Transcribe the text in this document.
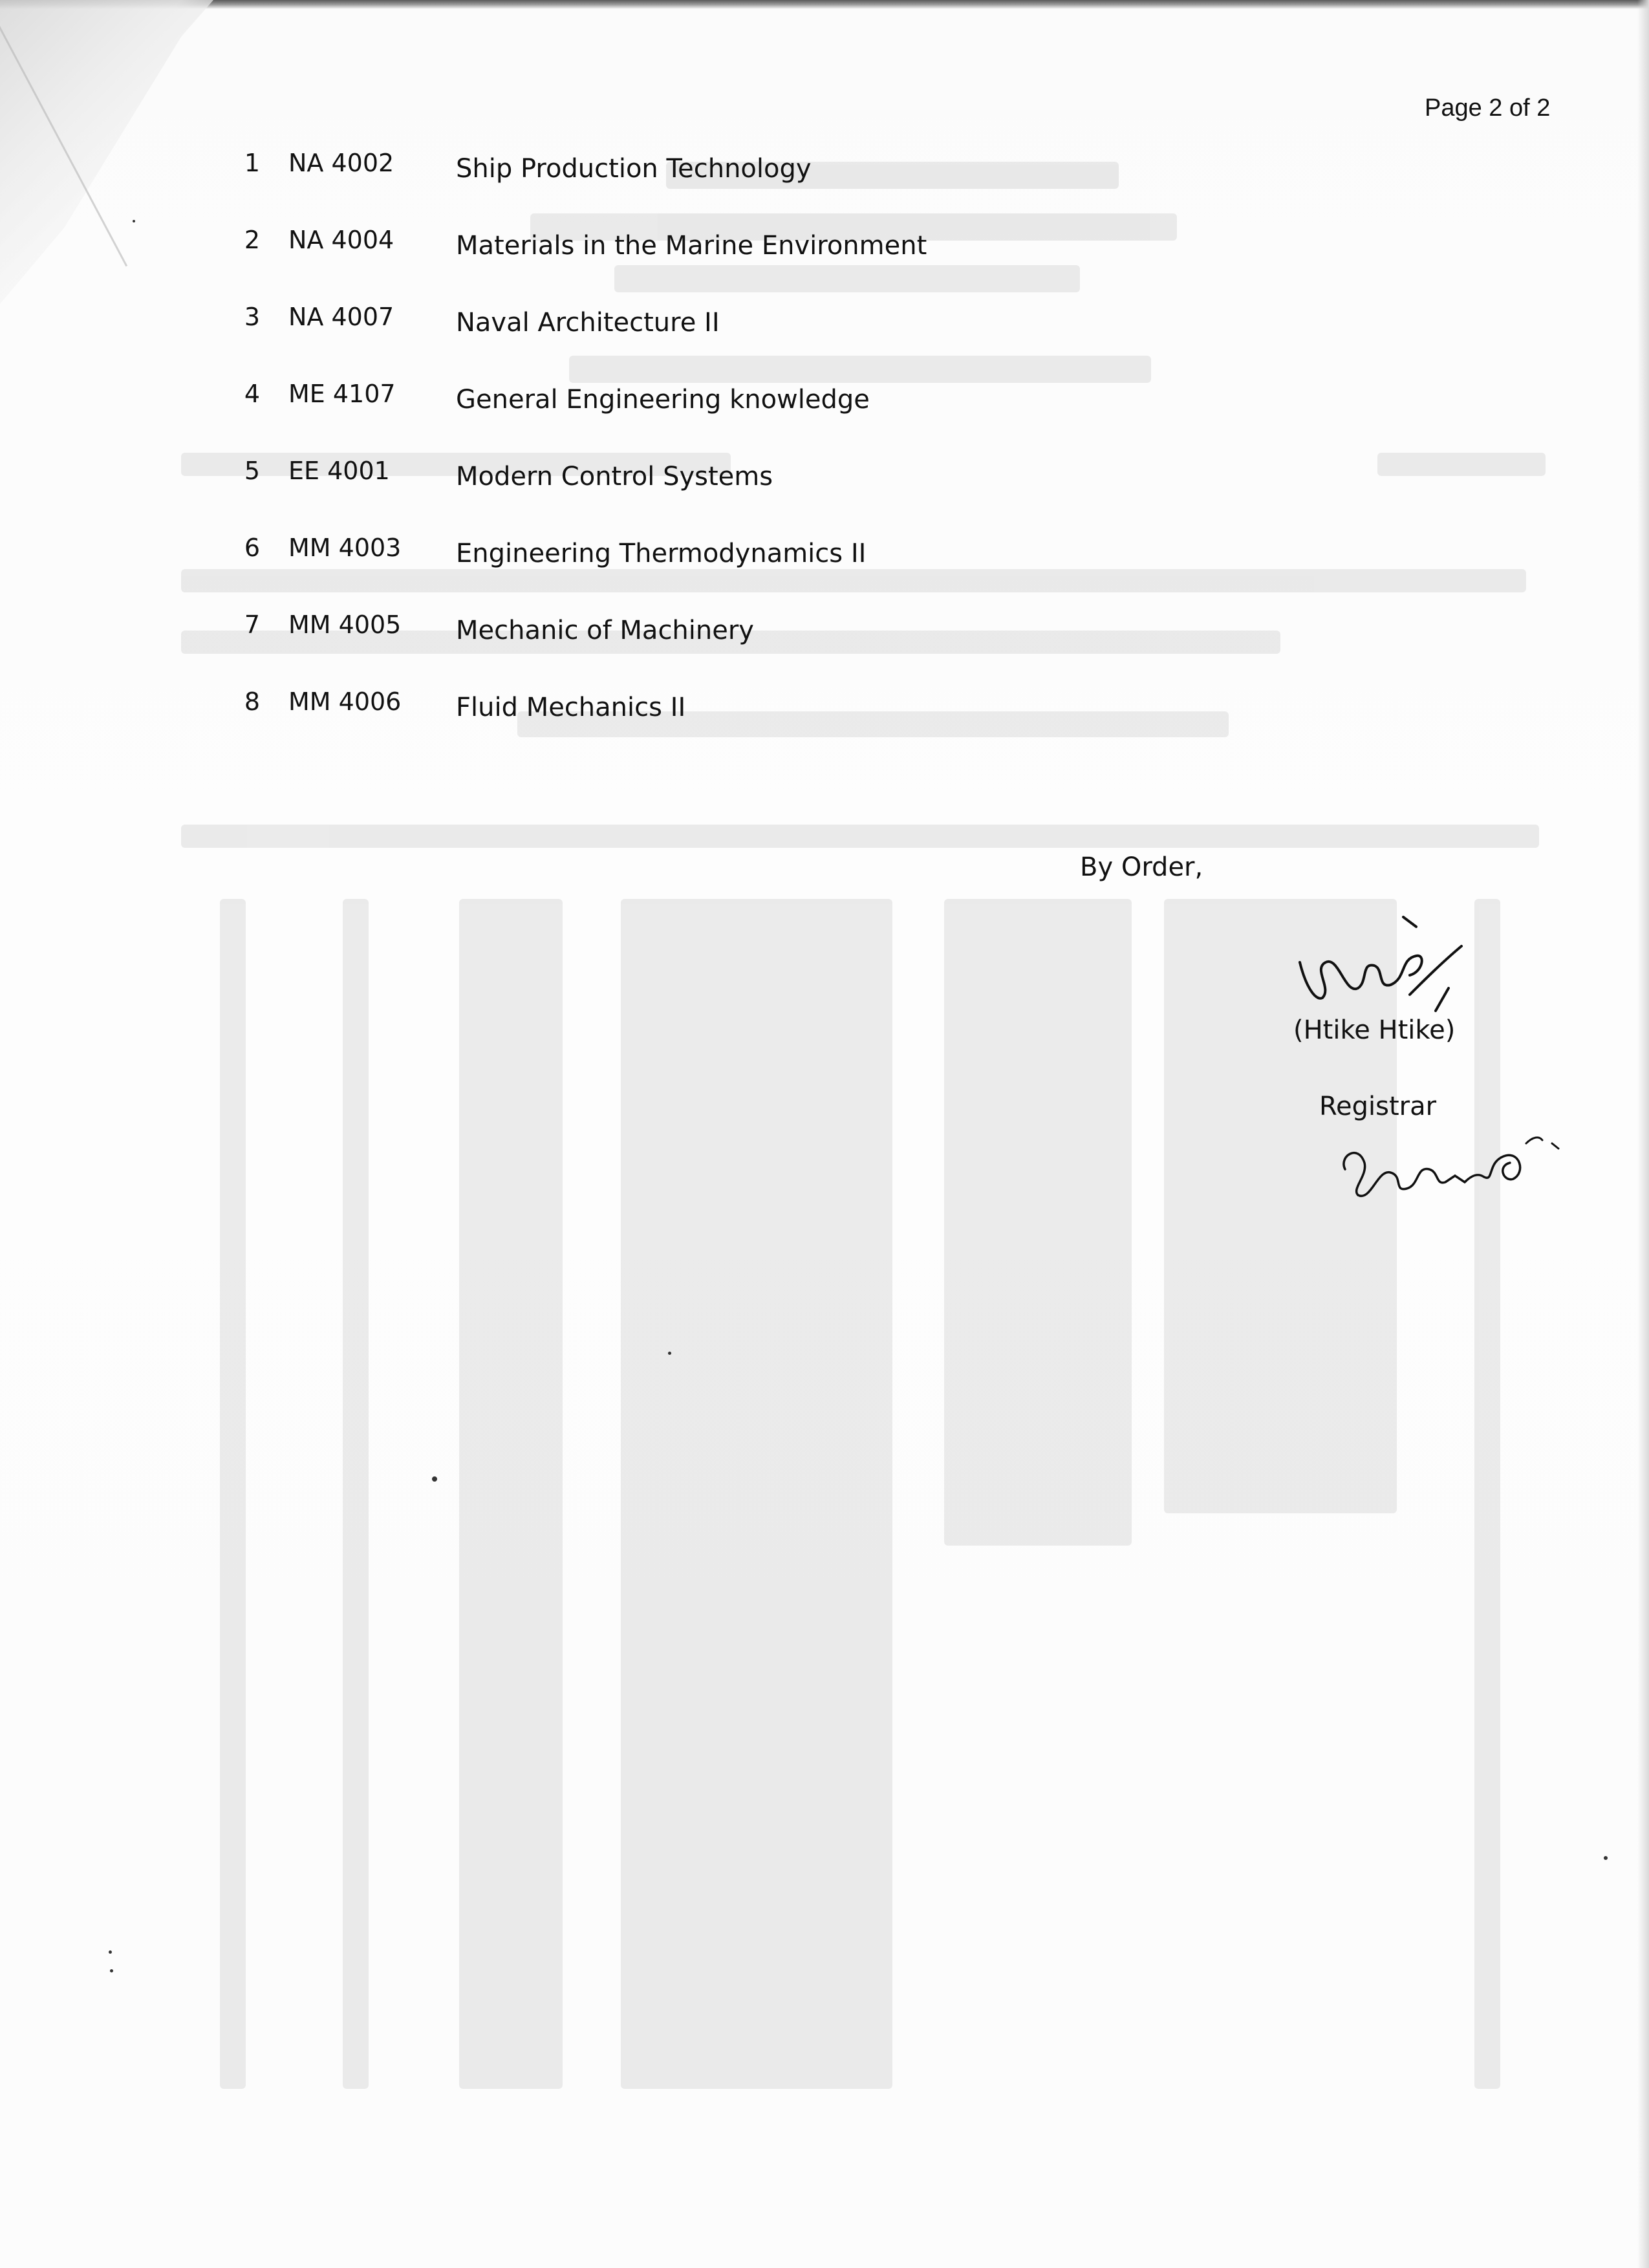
Page 2 of 2
1 NA 4002 Ship Production Technology
2 NA 4004 Materials in the Marine Environment
3 NA 4007 Naval Architecture II
4 ME 4107 General Engineering knowledge
5 EE 4001	Modern Control Systems
6 MM 4003 Engineering Thermodynamics II
7 MM 4005 Mechanic of Machinery
8 MM 4006 Fluid Mechanics II
By Order,
(Htike Htike)
Registrar
